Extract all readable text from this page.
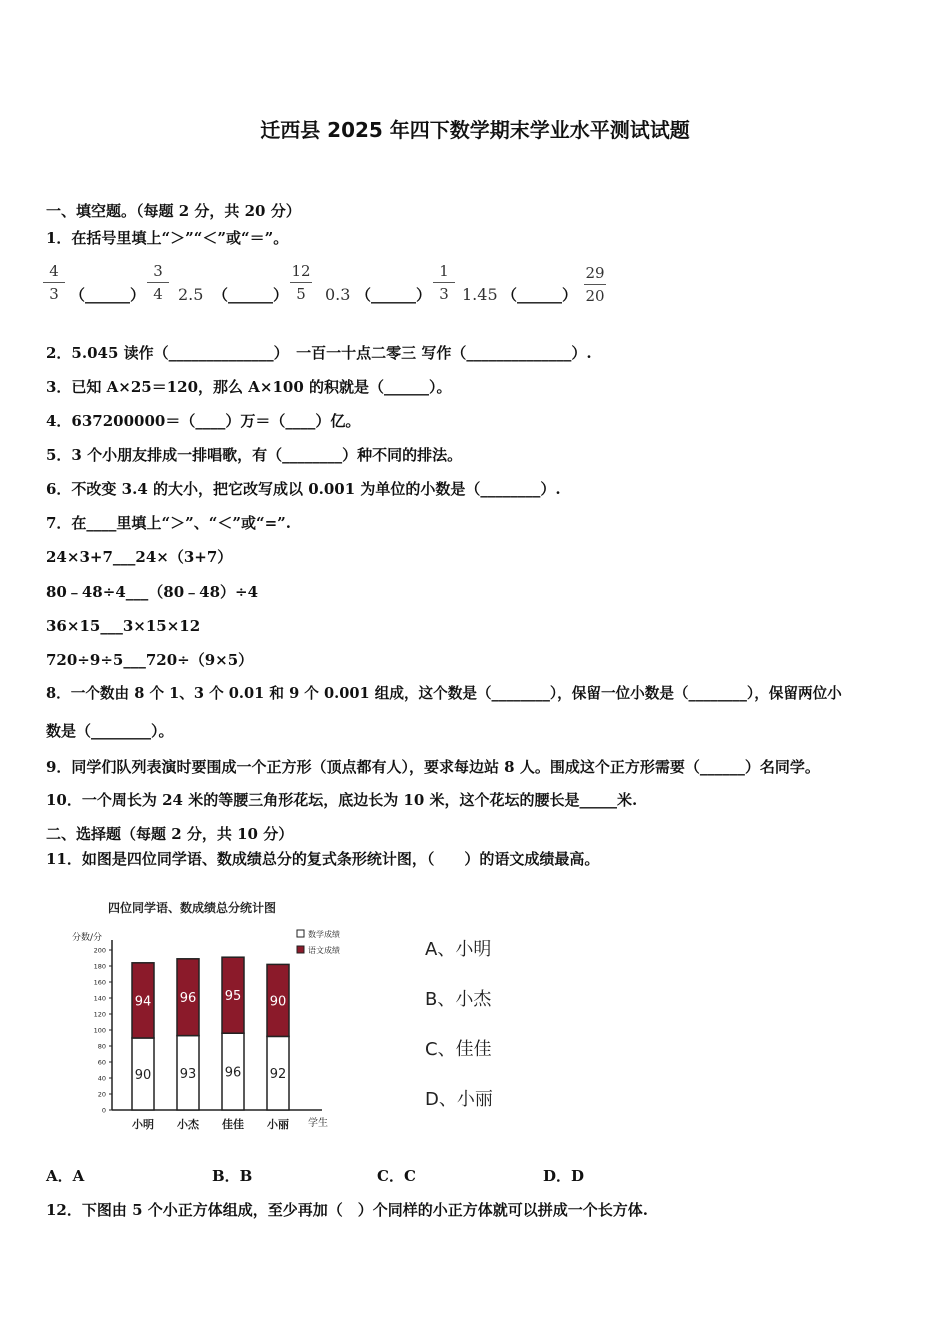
迁西县 2025 年四下数学期末学业水平测试试题
一、填空题。（每题 2 分，共 20 分）
1．在括号里填上“＞”“＜”或“＝”。
$\frac{4}{3}$ （______） $\frac{3}{4} 2.5$ （______） $\frac{12}{5} 0.3$ （______） $\frac{1}{3} 1.45$ （______） $\frac{29}{20}$
2．5.045 读作（______________）　一百一十点二零三 写作（______________）.
3．已知 A×25＝120，那么 A×100 的积就是（______）。
4．637200000＝（____）万＝（____）亿。
5．3 个小朋友排成一排唱歌，有（________）种不同的排法。
6．不改变 3.4 的大小，把它改写成以 0.001 为单位的小数是（________）.
7．在____里填上“＞”、“＜”或“=”.
24×3+7___24×（3+7）
80﹣48÷4___（80﹣48）÷4
36×15___3×15×12
720÷9÷5___720÷（9×5）
8．一个数由 8 个 1、3 个 0.01 和 9 个 0.001 组成，这个数是（________），保留一位小数是（________），保留两位小
数是（________）。
9．同学们队列表演时要围成一个正方形（顶点都有人），要求每边站 8 人。围成这个正方形需要（______）名同学。
10．一个周长为 24 米的等腰三角形花坛，底边长为 10 米，这个花坛的腰长是_____米.
二、选择题（每题 2 分，共 10 分）
11．如图是四位同学语、数成绩总分的复式条形统计图，（　　）的语文成绩最高。
四位同学语、数成绩总分统计图
分数/分
学生
0
20
40
60
80
100
120
140
160
180
200
数学成绩
语文成绩
90
94
小明
93
96
小杰
96
95
佳佳
92
90
小丽
A、小明
B、小杰
C、佳佳
D、小丽
A．A	B．B	C．C	D．D
12．下图由 5 个小正方体组成，至少再加（　）个同样的小正方体就可以拼成一个长方体.
